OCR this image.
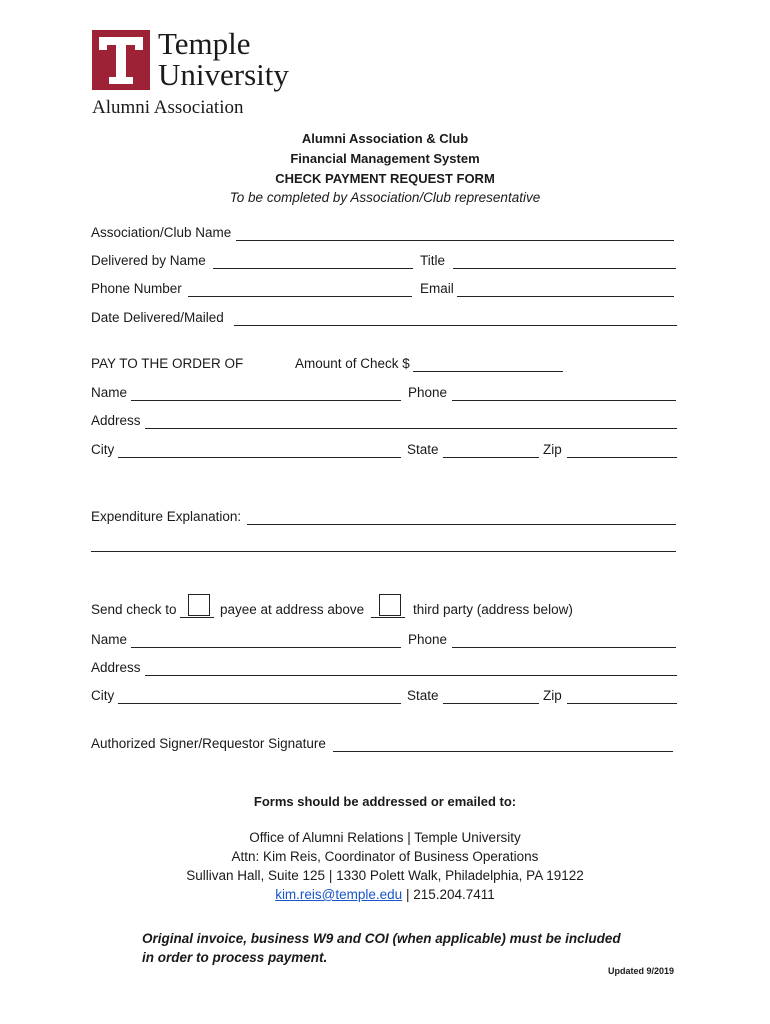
Temple
University
Alumni Association
Alumni Association & Club
Financial Management System
CHECK PAYMENT REQUEST FORM
To be completed by Association/Club representative
Association/Club Name
Delivered by Name	Title
Phone Number	Email
Date Delivered/Mailed
PAY TO THE ORDER OF	Amount of Check $
Name	Phone
Address
City	State	Zip
Expenditure Explanation:
Send check to	payee at address above	third party (address below)
Name	Phone
Address
City	State	Zip
Authorized Signer/Requestor Signature
Forms should be addressed or emailed to:
Office of Alumni Relations | Temple University
Attn: Kim Reis, Coordinator of Business Operations
Sullivan Hall, Suite 125 | 1330 Polett Walk, Philadelphia, PA 19122
kim.reis@temple.edu | 215.204.7411
Original invoice, business W9 and COI (when applicable) must be included
in order to process payment.
Updated 9/2019
